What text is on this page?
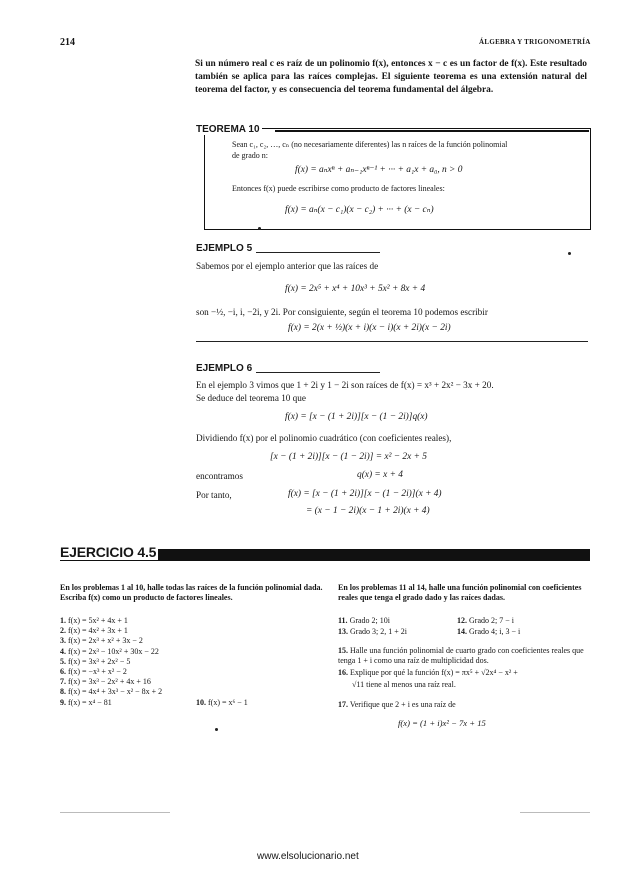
214	ÁLGEBRA Y TRIGONOMETRÍA
Si un número real c es raíz de un polinomio f(x), entonces x − c es un factor de f(x). Este resultado también se aplica para las raíces complejas. El siguiente teorema es una extensión natural del teorema del factor, y es consecuencia del teorema fundamental del álgebra.
TEOREMA 10
Sean c₁, c₂, …, cₙ (no necesariamente diferentes) las n raíces de la función polinomial
de grado n:
f(x) = aₙxⁿ + aₙ₋₁xⁿ⁻¹ + ··· + a₁x + a₀, n > 0
Entonces f(x) puede escribirse como producto de factores lineales:
f(x) = aₙ(x − c₁)(x − c₂) + ··· + (x − cₙ)
EJEMPLO 5
Sabemos por el ejemplo anterior que las raíces de
f(x) = 2x⁵ + x⁴ + 10x³ + 5x² + 8x + 4
son −½, −i, i, −2i, y 2i. Por consiguiente, según el teorema 10 podemos escribir
f(x) = 2(x + ½)(x + i)(x − i)(x + 2i)(x − 2i)
EJEMPLO 6
En el ejemplo 3 vimos que 1 + 2i y 1 − 2i son raíces de f(x) = x³ + 2x² − 3x + 20.
Se deduce del teorema 10 que
f(x) = [x − (1 + 2i)][x − (1 − 2i)]q(x)
Dividiendo f(x) por el polinomio cuadrático (con coeficientes reales),
[x − (1 + 2i)][x − (1 − 2i)] = x² − 2x + 5
encontramos	q(x) = x + 4
Por tanto,	f(x) = [x − (1 + 2i)][x − (1 − 2i)](x + 4)
= (x − 1 − 2i)(x − 1 + 2i)(x + 4)
EJERCICIO 4.5
En los problemas 1 al 10, halle todas las raíces de la función polinomial dada. Escriba f(x) como un producto de factores lineales.
1. f(x) = 5x² + 4x + 1
2. f(x) = 4x² + 3x + 1
3. f(x) = 2x³ + x² + 3x − 2
4. f(x) = 2x³ − 10x² + 30x − 22
5. f(x) = 3x³ + 2x² − 5
6. f(x) = −x³ + x² − 2
7. f(x) = 3x³ − 2x² + 4x + 16
8. f(x) = 4x⁴ + 3x³ − x² − 8x + 2
9. f(x) = x⁴ − 81	10. f(x) = x⁶ − 1
En los problemas 11 al 14, halle una función polinomial con coeficientes reales que tenga el grado dado y las raíces dadas.
11. Grado 2; 10i	12. Grado 2; 7 − i
13. Grado 3; 2, 1 + 2i	14. Grado 4; i, 3 − i
15. Halle una función polinomial de cuarto grado con coeficientes reales que tenga 1 + i como una raíz de multiplicidad dos.
16. Explique por qué la función f(x) = πx⁵ + √2x⁴ − x² +
√11 tiene al menos una raíz real.
17. Verifique que 2 + i es una raíz de
f(x) = (1 + i)x² − 7x + 15
www.elsolucionario.net
